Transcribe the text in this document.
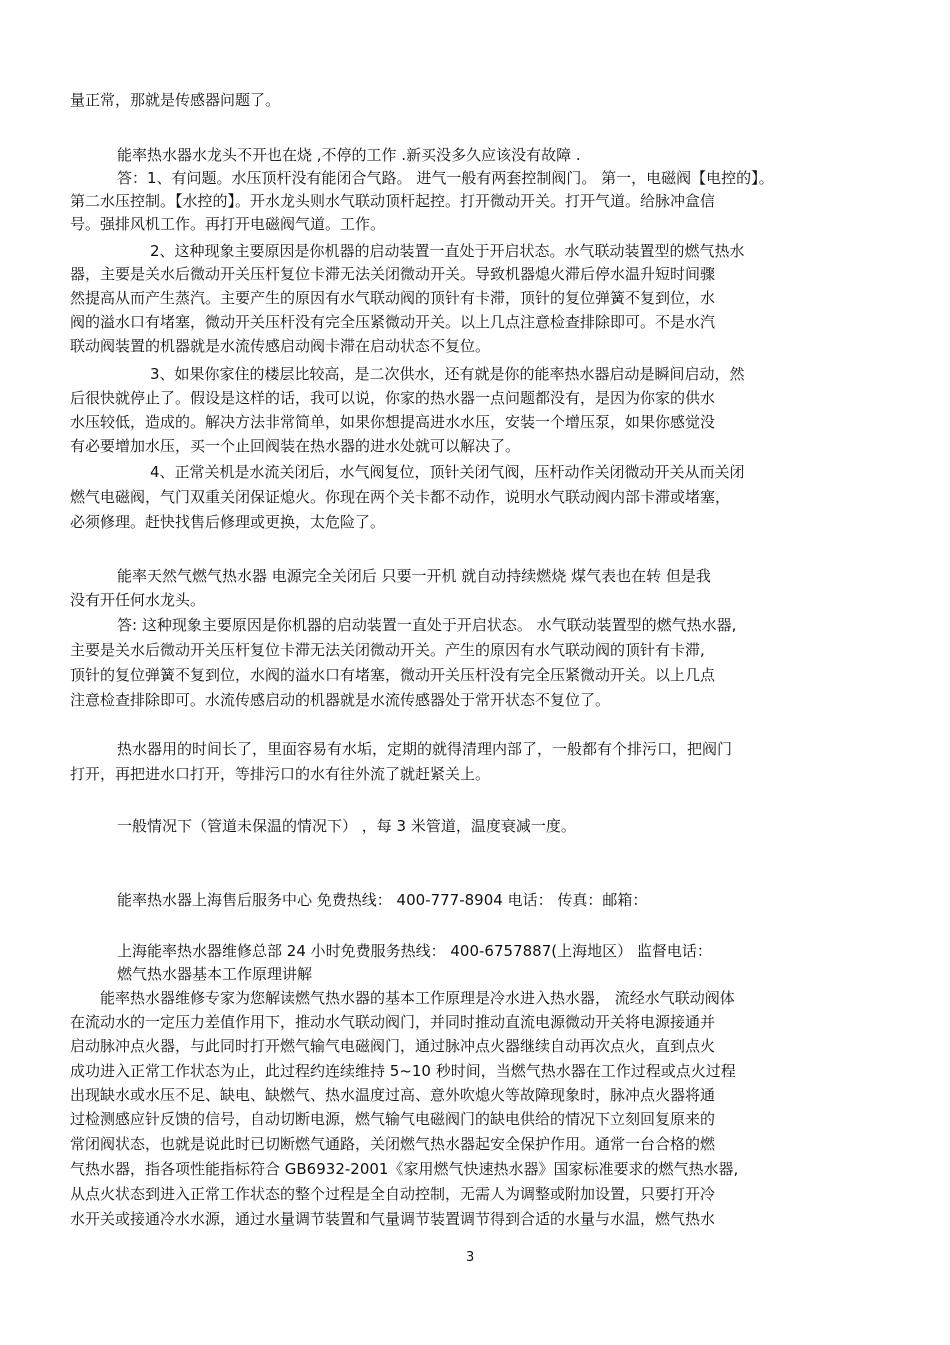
量正常，那就是传感器问题了。
能率热水器水龙头不开也在烧 ,不停的工作 .新买没多久应该没有故障 .
答：1、有问题。水压顶杆没有能闭合气路。 进气一般有两套控制阀门。 第一，电磁阀【电控的】。
第二水压控制。【水控的】。开水龙头则水气联动顶杆起控。打开微动开关。打开气道。给脉冲盒信
号。强排风机工作。再打开电磁阀气道。工作。
2、这种现象主要原因是你机器的启动装置一直处于开启状态。水气联动装置型的燃气热水
器，主要是关水后微动开关压杆复位卡滞无法关闭微动开关。导致机器熄火滞后停水温升短时间骤
然提高从而产生蒸汽。主要产生的原因有水气联动阀的顶针有卡滞，顶针的复位弹簧不复到位，水
阀的溢水口有堵塞，微动开关压杆没有完全压紧微动开关。以上几点注意检查排除即可。不是水汽
联动阀装置的机器就是水流传感启动阀卡滞在启动状态不复位。
3、如果你家住的楼层比较高，是二次供水，还有就是你的能率热水器启动是瞬间启动，然
后很快就停止了。假设是这样的话，我可以说，你家的热水器一点问题都没有，是因为你家的供水
水压较低，造成的。解决方法非常简单，如果你想提高进水水压，安装一个增压泵，如果你感觉没
有必要增加水压，买一个止回阀装在热水器的进水处就可以解决了。
4、正常关机是水流关闭后，水气阀复位，顶针关闭气阀，压杆动作关闭微动开关从而关闭
燃气电磁阀，气门双重关闭保证熄火。你现在两个关卡都不动作，说明水气联动阀内部卡滞或堵塞，
必须修理。赶快找售后修理或更换，太危险了。
能率天然气燃气热水器 电源完全关闭后 只要一开机 就自动持续燃烧 煤气表也在转 但是我
没有开任何水龙头。
答: 这种现象主要原因是你机器的启动装置一直处于开启状态。 水气联动装置型的燃气热水器,
主要是关水后微动开关压杆复位卡滞无法关闭微动开关。产生的原因有水气联动阀的顶针有卡滞,
顶针的复位弹簧不复到位，水阀的溢水口有堵塞，微动开关压杆没有完全压紧微动开关。以上几点
注意检查排除即可。水流传感启动的机器就是水流传感器处于常开状态不复位了。
热水器用的时间长了，里面容易有水垢，定期的就得清理内部了，一般都有个排污口，把阀门
打开，再把进水口打开，等排污口的水有往外流了就赶紧关上。
一般情况下（管道未保温的情况下） ，每 3 米管道，温度衰减一度。
能率热水器上海售后服务中心 免费热线： 400-777-8904 电话： 传真：邮箱：
上海能率热水器维修总部 24 小时免费服务热线： 400-6757887(上海地区） 监督电话：
燃气热水器基本工作原理讲解
能率热水器维修专家为您解读燃气热水器的基本工作原理是冷水进入热水器， 流经水气联动阀体
在流动水的一定压力差值作用下，推动水气联动阀门，并同时推动直流电源微动开关将电源接通并
启动脉冲点火器，与此同时打开燃气输气电磁阀门，通过脉冲点火器继续自动再次点火，直到点火
成功进入正常工作状态为止，此过程约连续维持 5~10 秒时间，当燃气热水器在工作过程或点火过程
出现缺水或水压不足、缺电、缺燃气、热水温度过高、意外吹熄火等故障现象时，脉冲点火器将通
过检测感应针反馈的信号，自动切断电源，燃气输气电磁阀门的缺电供给的情况下立刻回复原来的
常闭阀状态，也就是说此时已切断燃气通路，关闭燃气热水器起安全保护作用。通常一台合格的燃
气热水器，指各项性能指标符合 GB6932-2001《家用燃气快速热水器》国家标准要求的燃气热水器,
从点火状态到进入正常工作状态的整个过程是全自动控制，无需人为调整或附加设置，只要打开冷
水开关或接通冷水水源，通过水量调节装置和气量调节装置调节得到合适的水量与水温，燃气热水
3
